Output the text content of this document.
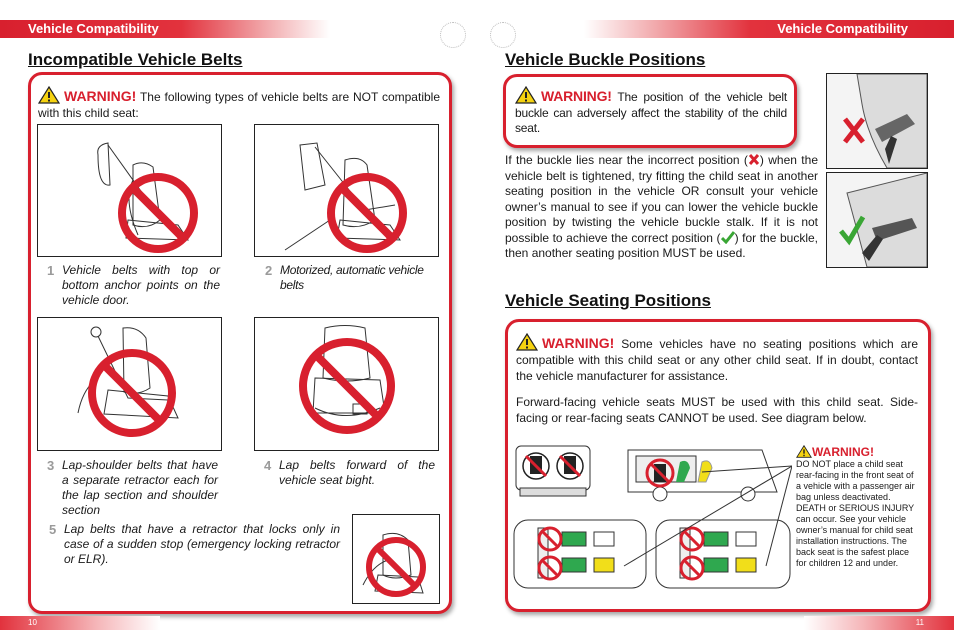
Vehicle Compatibility	Vehicle Compatibility
Incompatible Vehicle Belts
WARNING! The following types of vehicle belts are NOT compatible with this child seat:
1 Vehicle belts with top or bottom anchor points on the vehicle door.
2 Motorized, automatic vehicle belts
3 Lap-shoulder belts that have a separate retractor each for the lap section and shoulder section
4 Lap belts forward of the vehicle seat bight.
5 Lap belts that have a retractor that locks only in case of a sudden stop (emergency locking retractor or ELR).
Vehicle Buckle Positions
WARNING! The position of the vehicle belt buckle can adversely affect the stability of the child seat.
If the buckle lies near the incorrect position ( ) when the vehicle belt is tightened, try fitting the child seat in another seating position in the vehicle OR consult your vehicle owner’s manual to see if you can lower the vehicle buckle position by twisting the vehicle buckle stalk. If it is not possible to achieve the correct position ( ) for the buckle, then another seating position MUST be used.
Vehicle Seating Positions
WARNING! Some vehicles have no seating positions which are compatible with this child seat or any other child seat. If in doubt, contact the vehicle manufacturer for assistance.
Forward-facing vehicle seats MUST be used with this child seat. Side-facing or rear-facing seats CANNOT be used. See diagram below.
WARNING!
DO NOT place a child seat rear-facing in the front seat of a vehicle with a passenger air bag unless deactivated. DEATH or SERIOUS INJURY can occur. See your vehicle owner’s manual for child seat installation instructions. The back seat is the safest place for children 12 and under.
10	11
